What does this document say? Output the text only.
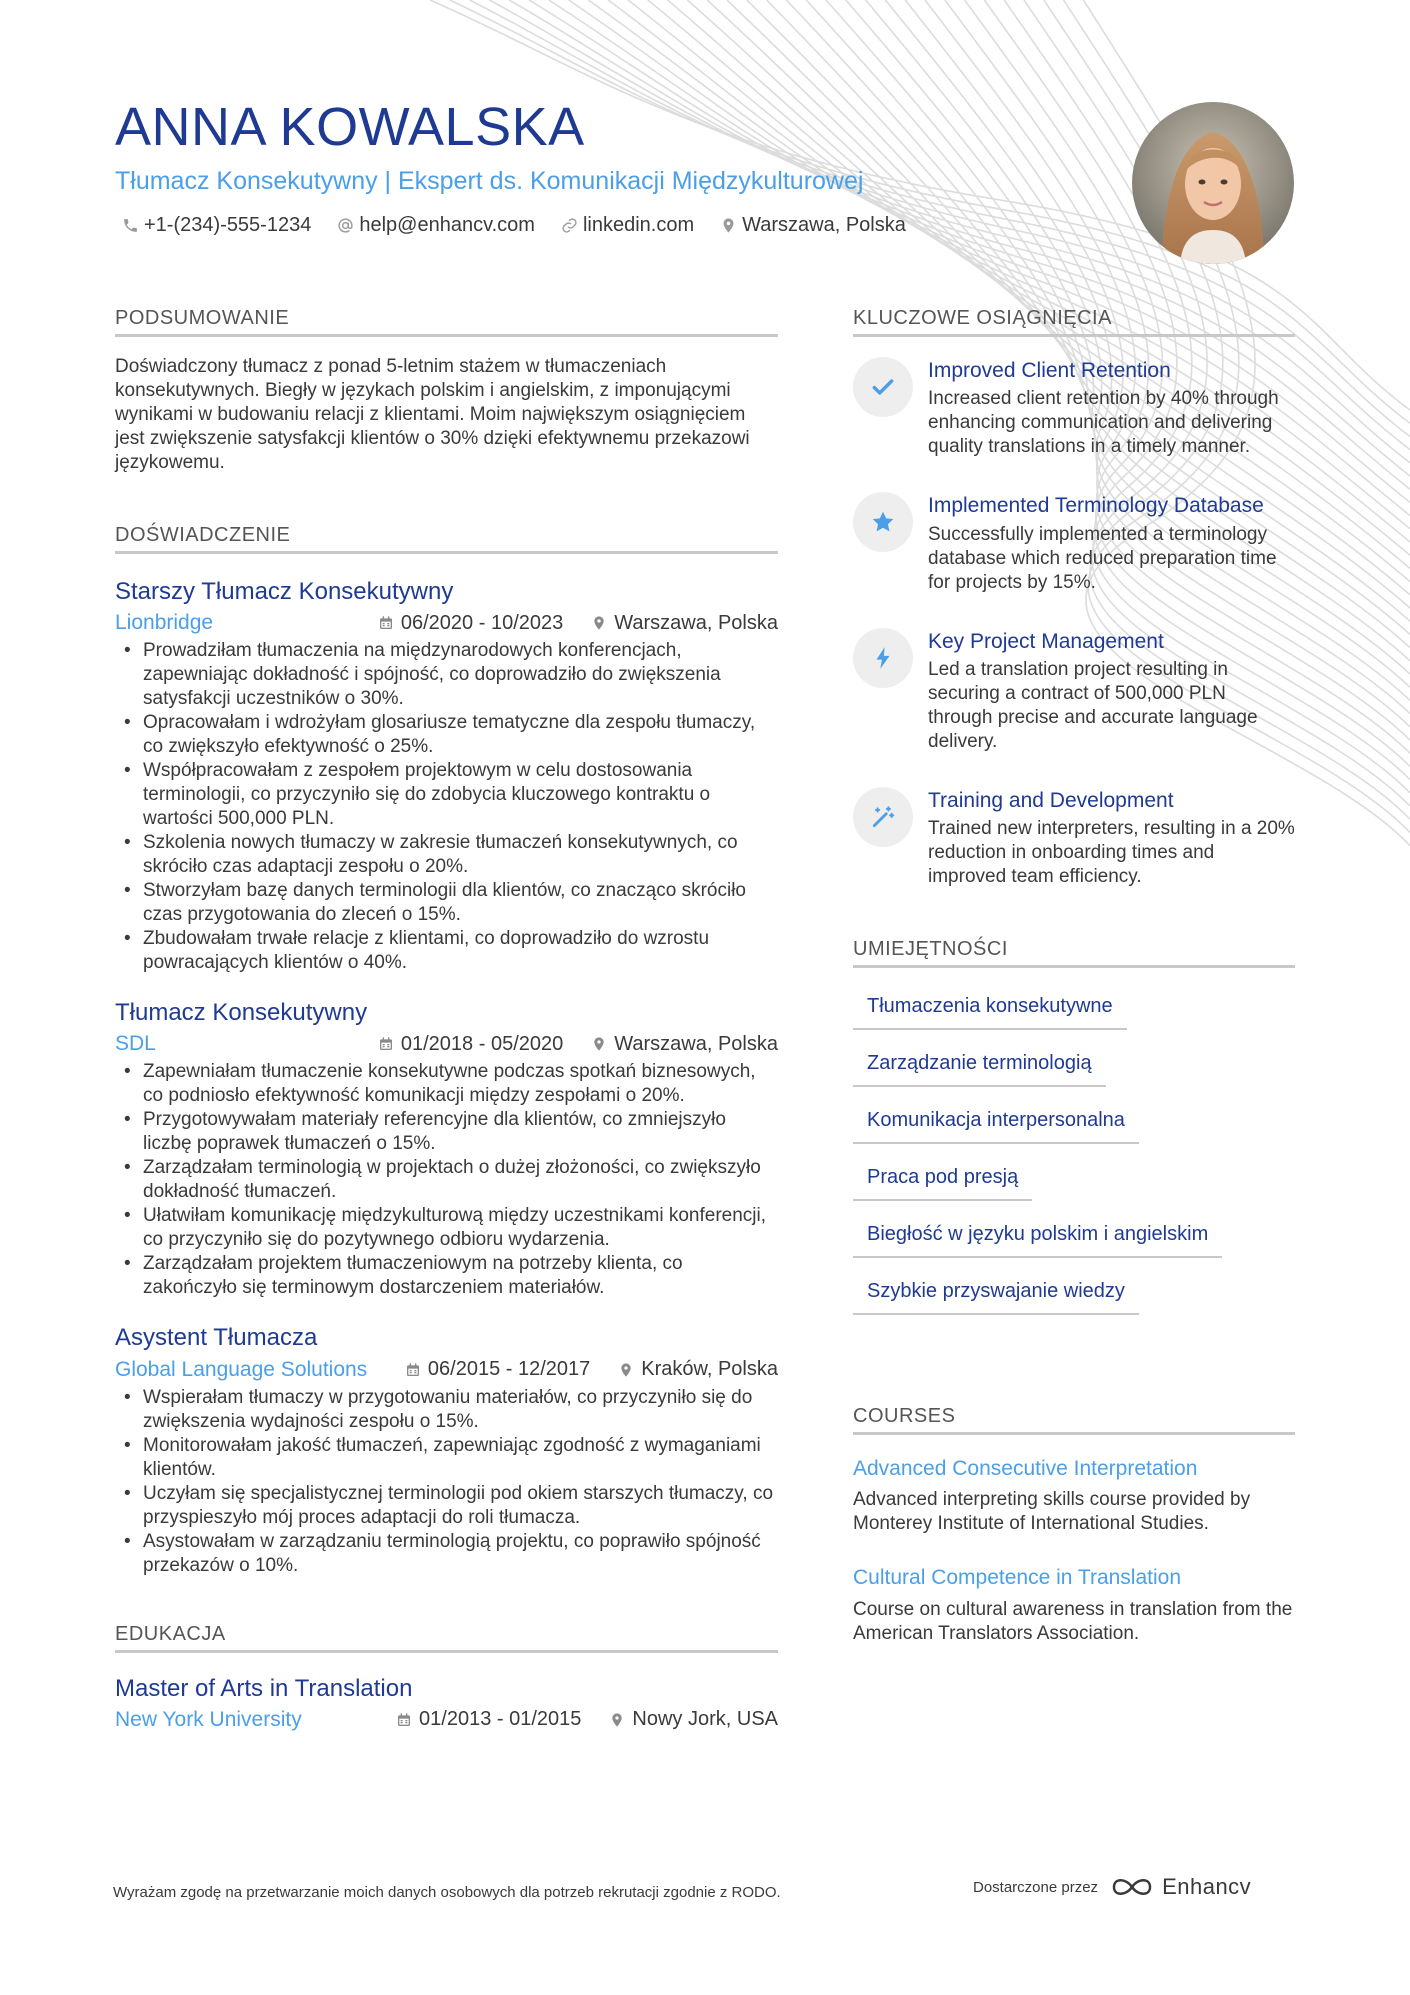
ANNA KOWALSKA
Tłumacz Konsekutywny | Ekspert ds. Komunikacji Międzykulturowej
+1-(234)-555-1234 help@enhancv.com linkedin.com Warszawa, Polska
PODSUMOWANIE
Doświadczony tłumacz z ponad 5-letnim stażem w tłumaczeniach konsekutywnych. Biegły w językach polskim i angielskim, z imponującymi wynikami w budowaniu relacji z klientami. Moim największym osiągnięciem jest zwiększenie satysfakcji klientów o 30% dzięki efektywnemu przekazowi językowemu.
DOŚWIADCZENIE
Starszy Tłumacz Konsekutywny
Lionbridge	06/2020 - 10/2023	Warszawa, Polska
• Prowadziłam tłumaczenia na międzynarodowych konferencjach, zapewniając dokładność i spójność, co doprowadziło do zwiększenia satysfakcji uczestników o 30%.
• Opracowałam i wdrożyłam glosariusze tematyczne dla zespołu tłumaczy, co zwiększyło efektywność o 25%.
• Współpracowałam z zespołem projektowym w celu dostosowania terminologii, co przyczyniło się do zdobycia kluczowego kontraktu o wartości 500,000 PLN.
• Szkolenia nowych tłumaczy w zakresie tłumaczeń konsekutywnych, co skróciło czas adaptacji zespołu o 20%.
• Stworzyłam bazę danych terminologii dla klientów, co znacząco skróciło czas przygotowania do zleceń o 15%.
• Zbudowałam trwałe relacje z klientami, co doprowadziło do wzrostu powracających klientów o 40%.
Tłumacz Konsekutywny
SDL	01/2018 - 05/2020	Warszawa, Polska
• Zapewniałam tłumaczenie konsekutywne podczas spotkań biznesowych, co podniosło efektywność komunikacji między zespołami o 20%.
• Przygotowywałam materiały referencyjne dla klientów, co zmniejszyło liczbę poprawek tłumaczeń o 15%.
• Zarządzałam terminologią w projektach o dużej złożoności, co zwiększyło dokładność tłumaczeń.
• Ułatwiłam komunikację międzykulturową między uczestnikami konferencji, co przyczyniło się do pozytywnego odbioru wydarzenia.
• Zarządzałam projektem tłumaczeniowym na potrzeby klienta, co zakończyło się terminowym dostarczeniem materiałów.
Asystent Tłumacza
Global Language Solutions	06/2015 - 12/2017	Kraków, Polska
• Wspierałam tłumaczy w przygotowaniu materiałów, co przyczyniło się do zwiększenia wydajności zespołu o 15%.
• Monitorowałam jakość tłumaczeń, zapewniając zgodność z wymaganiami klientów.
• Uczyłam się specjalistycznej terminologii pod okiem starszych tłumaczy, co przyspieszyło mój proces adaptacji do roli tłumacza.
• Asystowałam w zarządzaniu terminologią projektu, co poprawiło spójność przekazów o 10%.
EDUKACJA
Master of Arts in Translation
New York University	01/2013 - 01/2015	Nowy Jork, USA
KLUCZOWE OSIĄGNIĘCIA
Improved Client Retention
Increased client retention by 40% through enhancing communication and delivering quality translations in a timely manner.
Implemented Terminology Database
Successfully implemented a terminology database which reduced preparation time for projects by 15%.
Key Project Management
Led a translation project resulting in securing a contract of 500,000 PLN through precise and accurate language delivery.
Training and Development
Trained new interpreters, resulting in a 20% reduction in onboarding times and improved team efficiency.
UMIEJĘTNOŚCI
Tłumaczenia konsekutywne
Zarządzanie terminologią
Komunikacja interpersonalna
Praca pod presją
Biegłość w języku polskim i angielskim
Szybkie przyswajanie wiedzy
COURSES
Advanced Consecutive Interpretation
Advanced interpreting skills course provided by Monterey Institute of International Studies.
Cultural Competence in Translation
Course on cultural awareness in translation from the American Translators Association.
Wyrażam zgodę na przetwarzanie moich danych osobowych dla potrzeb rekrutacji zgodnie z RODO.	Dostarczone przez	Enhancv
